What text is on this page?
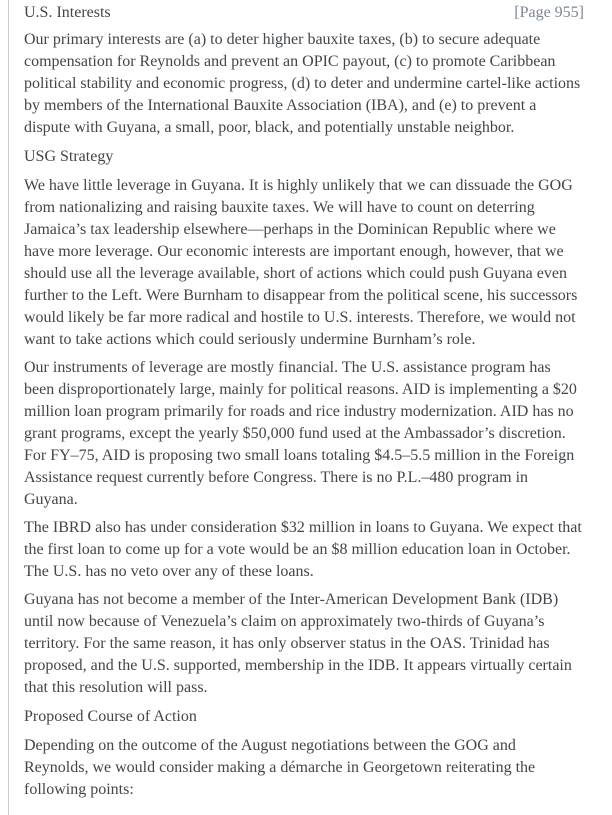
U.S. Interests	[Page 955]

Our primary interests are (a) to deter higher bauxite taxes, (b) to secure adequate compensation for Reynolds and prevent an OPIC payout, (c) to promote Caribbean political stability and economic progress, (d) to deter and undermine cartel-like actions by members of the International Bauxite Association (IBA), and (e) to prevent a dispute with Guyana, a small, poor, black, and potentially unstable neighbor.

USG Strategy

We have little leverage in Guyana. It is highly unlikely that we can dissuade the GOG from nationalizing and raising bauxite taxes. We will have to count on deterring Jamaica’s tax leadership elsewhere—perhaps in the Dominican Republic where we have more leverage. Our economic interests are important enough, however, that we should use all the leverage available, short of actions which could push Guyana even further to the Left. Were Burnham to disappear from the political scene, his successors would likely be far more radical and hostile to U.S. interests. Therefore, we would not want to take actions which could seriously undermine Burnham’s role.

Our instruments of leverage are mostly financial. The U.S. assistance program has been disproportionately large, mainly for political reasons. AID is implementing a $20 million loan program primarily for roads and rice industry modernization. AID has no grant programs, except the yearly $50,000 fund used at the Ambassador’s discretion. For FY–75, AID is proposing two small loans totaling $4.5–5.5 million in the Foreign Assistance request currently before Congress. There is no P.L.–480 program in Guyana.

The IBRD also has under consideration $32 million in loans to Guyana. We expect that the first loan to come up for a vote would be an $8 million education loan in October. The U.S. has no veto over any of these loans.

Guyana has not become a member of the Inter-American Development Bank (IDB) until now because of Venezuela’s claim on approximately two-thirds of Guyana’s territory. For the same reason, it has only observer status in the OAS. Trinidad has proposed, and the U.S. supported, membership in the IDB. It appears virtually certain that this resolution will pass.

Proposed Course of Action

Depending on the outcome of the August negotiations between the GOG and Reynolds, we would consider making a démarche in Georgetown reiterating the following points:
